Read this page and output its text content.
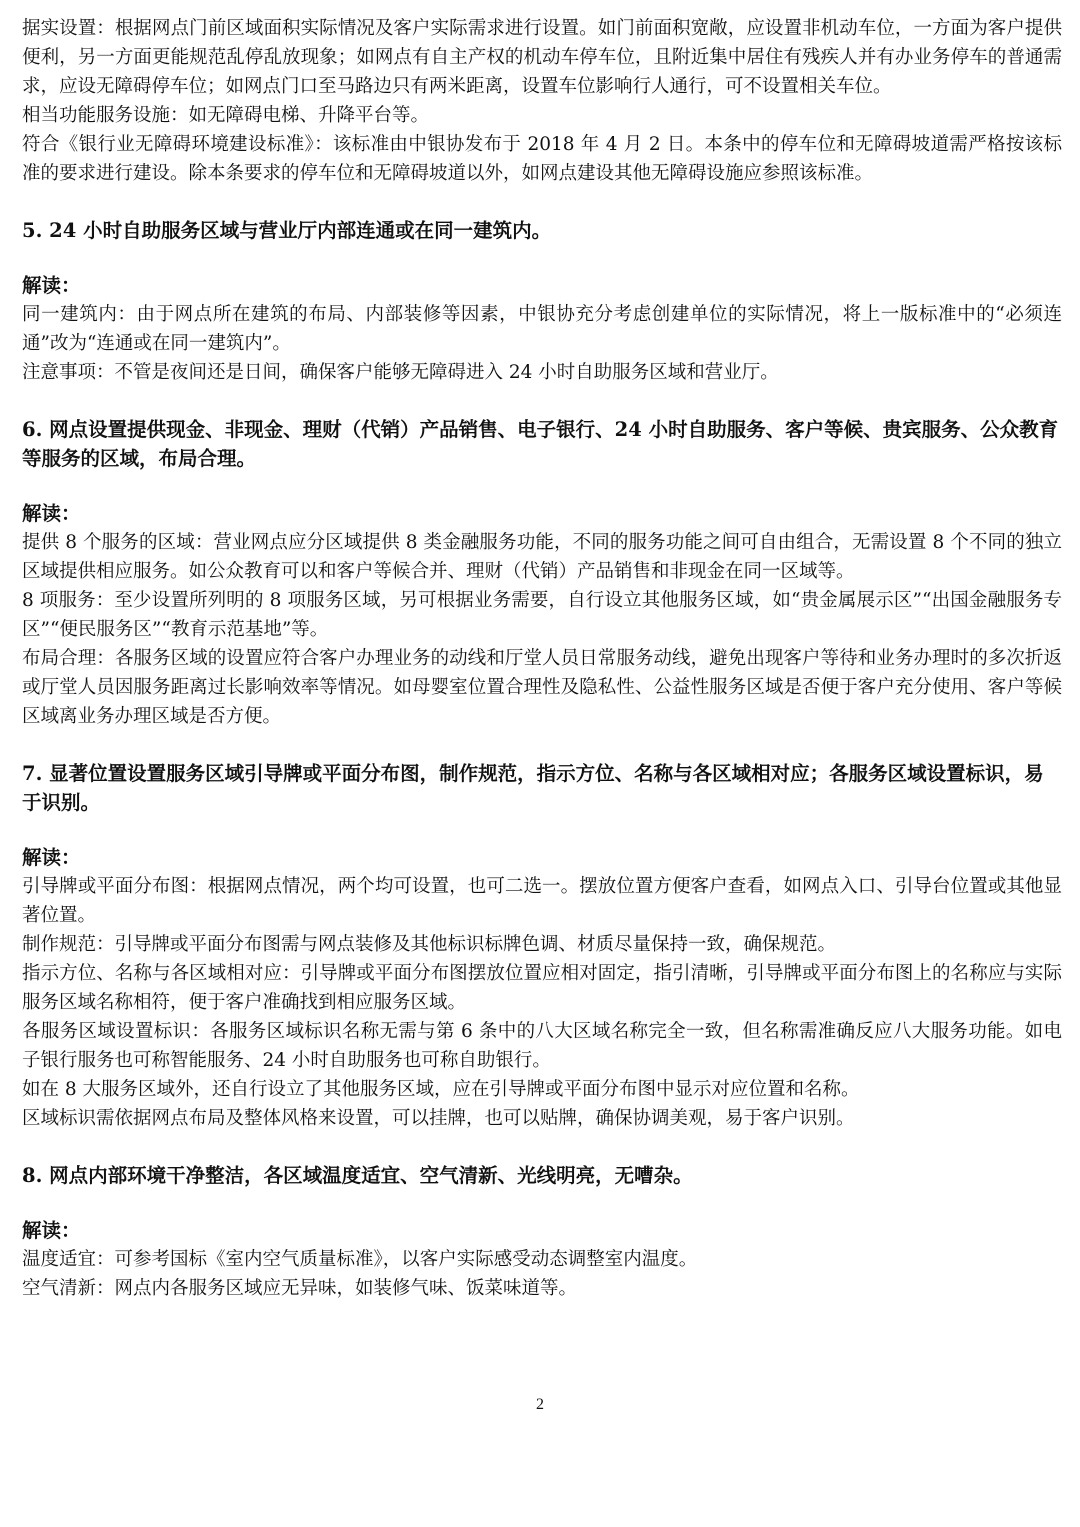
据实设置：根据网点门前区域面积实际情况及客户实际需求进行设置。如门前面积宽敞，应设置非机动车位，一方面为客户提供便利，另一方面更能规范乱停乱放现象；如网点有自主产权的机动车停车位，且附近集中居住有残疾人并有办业务停车的普通需求，应设无障碍停车位；如网点门口至马路边只有两米距离，设置车位影响行人通行，可不设置相关车位。

相当功能服务设施：如无障碍电梯、升降平台等。

符合《银行业无障碍环境建设标准》：该标准由中银协发布于 2018 年 4 月 2 日。本条中的停车位和无障碍坡道需严格按该标准的要求进行建设。除本条要求的停车位和无障碍坡道以外，如网点建设其他无障碍设施应参照该标准。

5. 24 小时自助服务区域与营业厅内部连通或在同一建筑内。

解读：

同一建筑内：由于网点所在建筑的布局、内部装修等因素，中银协充分考虑创建单位的实际情况，将上一版标准中的“必须连通”改为“连通或在同一建筑内”。

注意事项：不管是夜间还是日间，确保客户能够无障碍进入 24 小时自助服务区域和营业厅。

6. 网点设置提供现金、非现金、理财（代销）产品销售、电子银行、24 小时自助服务、客户等候、贵宾服务、公众教育等服务的区域，布局合理。

解读：

提供 8 个服务的区域：营业网点应分区域提供 8 类金融服务功能，不同的服务功能之间可自由组合，无需设置 8 个不同的独立区域提供相应服务。如公众教育可以和客户等候合并、理财（代销）产品销售和非现金在同一区域等。

8 项服务：至少设置所列明的 8 项服务区域，另可根据业务需要，自行设立其他服务区域，如“贵金属展示区”“出国金融服务专区”“便民服务区”“教育示范基地”等。

布局合理：各服务区域的设置应符合客户办理业务的动线和厅堂人员日常服务动线，避免出现客户等待和业务办理时的多次折返或厅堂人员因服务距离过长影响效率等情况。如母婴室位置合理性及隐私性、公益性服务区域是否便于客户充分使用、客户等候区域离业务办理区域是否方便。

7. 显著位置设置服务区域引导牌或平面分布图，制作规范，指示方位、名称与各区域相对应；各服务区域设置标识，易于识别。

解读：

引导牌或平面分布图：根据网点情况，两个均可设置，也可二选一。摆放位置方便客户查看，如网点入口、引导台位置或其他显著位置。

制作规范：引导牌或平面分布图需与网点装修及其他标识标牌色调、材质尽量保持一致，确保规范。

指示方位、名称与各区域相对应：引导牌或平面分布图摆放位置应相对固定，指引清晰，引导牌或平面分布图上的名称应与实际服务区域名称相符，便于客户准确找到相应服务区域。

各服务区域设置标识：各服务区域标识名称无需与第 6 条中的八大区域名称完全一致，但名称需准确反应八大服务功能。如电子银行服务也可称智能服务、24 小时自助服务也可称自助银行。

如在 8 大服务区域外，还自行设立了其他服务区域，应在引导牌或平面分布图中显示对应位置和名称。

区域标识需依据网点布局及整体风格来设置，可以挂牌，也可以贴牌，确保协调美观，易于客户识别。

8. 网点内部环境干净整洁，各区域温度适宜、空气清新、光线明亮，无嘈杂。

解读：

温度适宜：可参考国标《室内空气质量标准》，以客户实际感受动态调整室内温度。

空气清新：网点内各服务区域应无异味，如装修气味、饭菜味道等。

2
